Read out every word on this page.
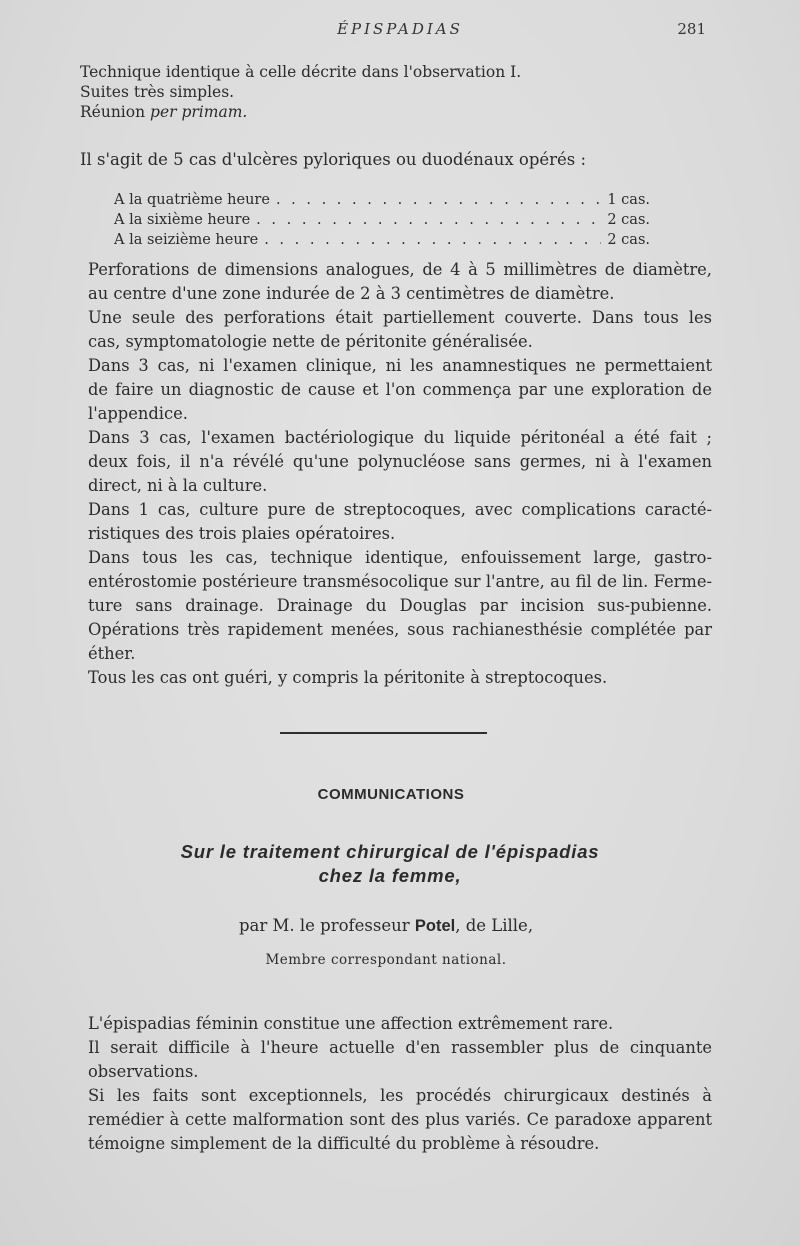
ÉPISPADIAS	281
Technique identique à celle décrite dans l'observation I.
Suites très simples.
Réunion per primam.
Il s'agit de 5 cas d'ulcères pyloriques ou duodénaux opérés :
A la quatrième heure . . .	1 cas.
A la sixième heure . . .	2 cas.
A la seizième heure . . .	2 cas.
Perforations de dimensions analogues, de 4 à 5 millimètres de diamètre,
au centre d'une zone indurée de 2 à 3 centimètres de diamètre.
Une seule des perforations était partiellement couverte. Dans tous les
cas, symptomatologie nette de péritonite généralisée.
Dans 3 cas, ni l'examen clinique, ni les anamnestiques ne permettaient
de faire un diagnostic de cause et l'on commença par une exploration de
l'appendice.
Dans 3 cas, l'examen bactériologique du liquide péritonéal a été fait ;
deux fois, il n'a révélé qu'une polynucléose sans germes, ni à l'examen
direct, ni à la culture.
Dans 1 cas, culture pure de streptocoques, avec complications caracté-
ristiques des trois plaies opératoires.
Dans tous les cas, technique identique, enfouissement large, gastro-
entérostomie postérieure transmésocolique sur l'antre, au fil de lin. Ferme-
ture sans drainage. Drainage du Douglas par incision sus-pubienne.
Opérations très rapidement menées, sous rachianesthésie complétée par
éther.
Tous les cas ont guéri, y compris la péritonite à streptocoques.
COMMUNICATIONS
Sur le traitement chirurgical de l'épispadias
chez la femme,
par M. le professeur Potel, de Lille,
Membre correspondant national.
L'épispadias féminin constitue une affection extrêmement rare.
Il serait difficile à l'heure actuelle d'en rassembler plus de cinquante
observations.
Si les faits sont exceptionnels, les procédés chirurgicaux destinés à
remédier à cette malformation sont des plus variés. Ce paradoxe apparent
témoigne simplement de la difficulté du problème à résoudre.
